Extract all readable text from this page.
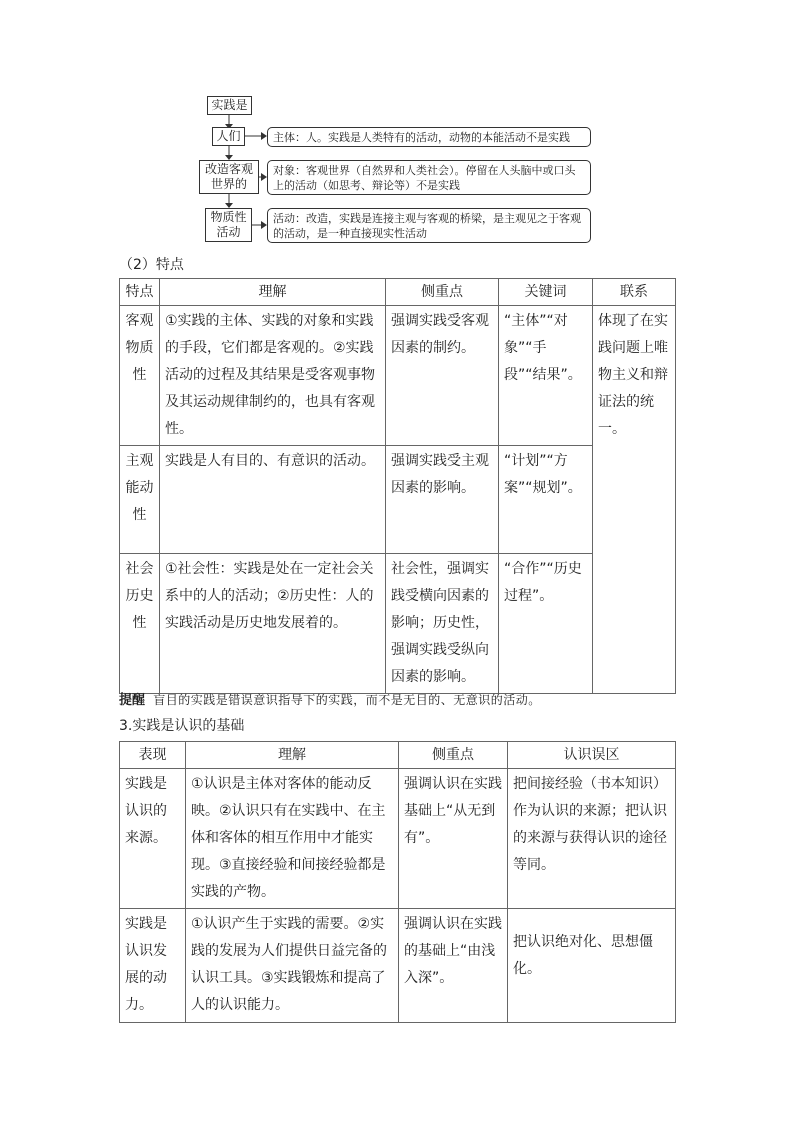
实践是
人们	主体：人。实践是人类特有的活动，动物的本能活动不是实践
改造客观世界的
对象：客观世界（自然界和人类社会）。停留在人头脑中或口头上的活动（如思考、辩论等）不是实践
物质性活动
活动：改造，实践是连接主观与客观的桥梁，是主观见之于客观的活动，是一种直接现实性活动
（2）特点
特点	理解	侧重点	关键词	联系
客观物质性	①实践的主体、实践的对象和实践的手段，它们都是客观的。②实践活动的过程及其结果是受客观事物及其运动规律制约的，也具有客观性。	强调实践受客观因素的制约。	“主体”“对象”“手段”“结果”。	体现了在实践问题上唯物主义和辩证法的统一。
主观能动性	实践是人有目的、有意识的活动。	强调实践受主观因素的影响。	“计划”“方案”“规划”。	
社会历史性	①社会性：实践是处在一定社会关系中的人的活动；②历史性：人的实践活动是历史地发展着的。	社会性，强调实践受横向因素的影响；历史性，强调实践受纵向因素的影响。	“合作”“历史过程”。	
提醒 盲目的实践是错误意识指导下的实践，而不是无目的、无意识的活动。
3.实践是认识的基础
表现	理解	侧重点	认识误区
实践是认识的来源。	①认识是主体对客体的能动反映。②认识只有在实践中、在主体和客体的相互作用中才能实现。③直接经验和间接经验都是实践的产物。	强调认识在实践基础上“从无到有”。	把间接经验（书本知识）作为认识的来源；把认识的来源与获得认识的途径等同。
实践是认识发展的动力。	①认识产生于实践的需要。②实践的发展为人们提供日益完备的认识工具。③实践锻炼和提高了人的认识能力。	强调认识在实践的基础上“由浅入深”。	把认识绝对化、思想僵化。
